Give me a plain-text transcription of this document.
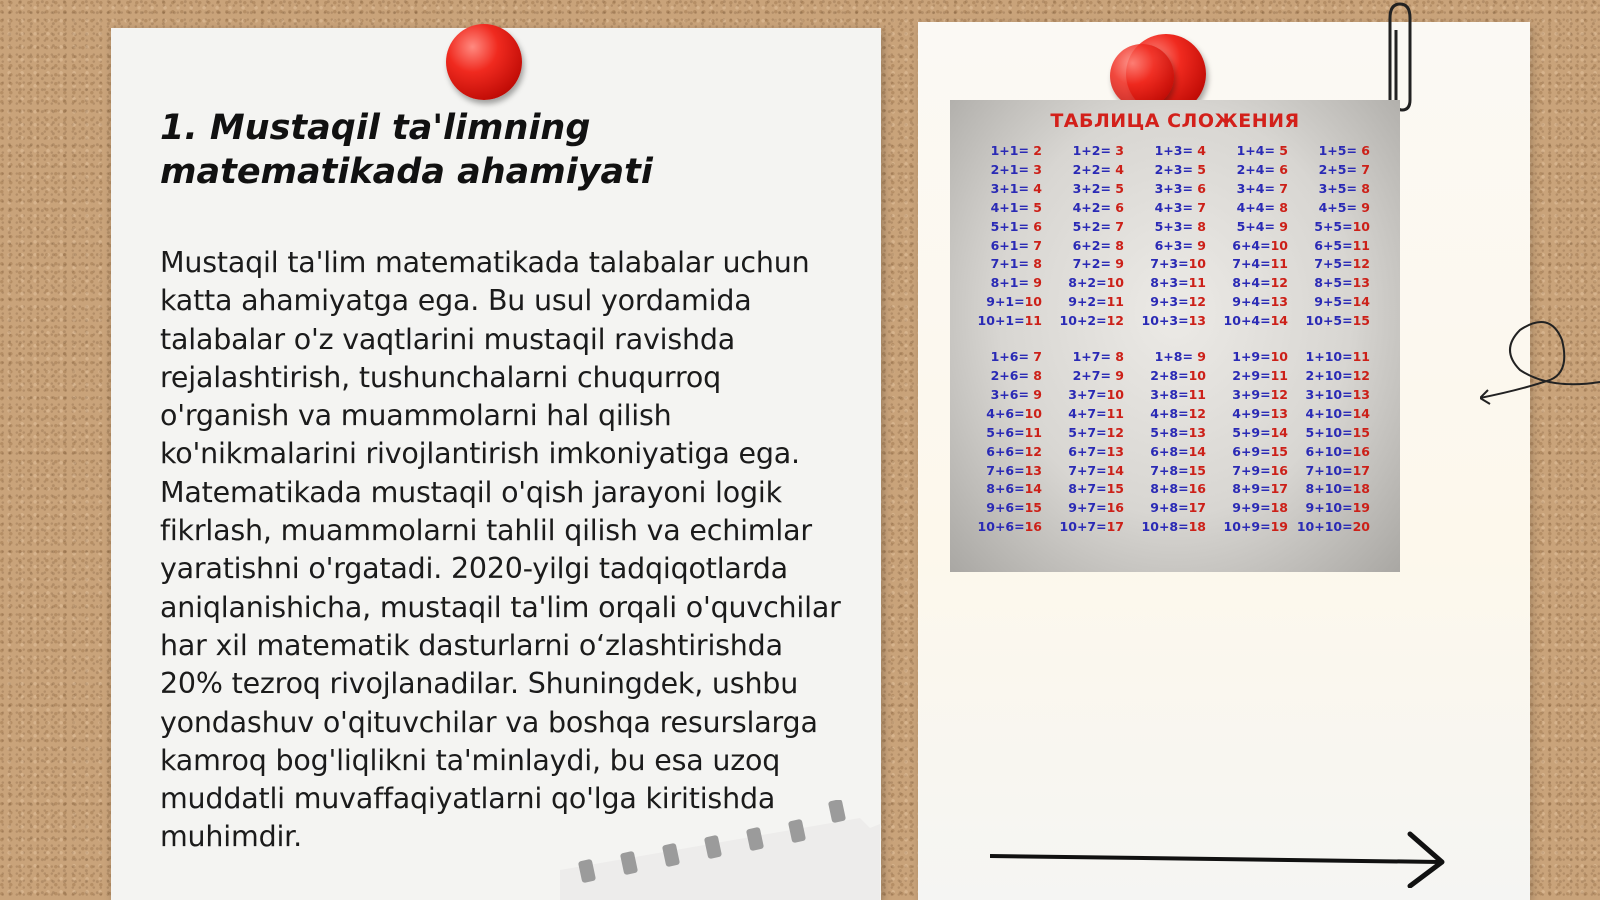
1. Mustaqil ta'limning matematikada ahamiyati

Mustaqil ta'lim matematikada talabalar uchun katta ahamiyatga ega. Bu usul yordamida talabalar o'z vaqtlarini mustaqil ravishda rejalashtirish, tushunchalarni chuqurroq o'rganish va muammolarni hal qilish ko'nikmalarini rivojlantirish imkoniyatiga ega. Matematikada mustaqil o'qish jarayoni logik fikrlash, muammolarni tahlil qilish va echimlar yaratishni o'rgatadi. 2020-yilgi tadqiqotlarda aniqlanishicha, mustaqil ta'lim orqali o'quvchilar har xil matematik dasturlarni o‘zlashtirishda 20% tezroq rivojlanadilar. Shuningdek, ushbu yondashuv o'qituvchilar va boshqa resurslarga kamroq bog'liqlikni ta'minlaydi, bu esa uzoq muddatli muvaffaqiyatlarni qo'lga kiritishda muhimdir.

ТАБЛИЦА СЛОЖЕНИЯ
1+1= 2
2+1= 3
3+1= 4
4+1= 5
5+1= 6
6+1= 7
7+1= 8
8+1= 9
9+1=10
10+1=11
1+2= 3
2+2= 4
3+2= 5
4+2= 6
5+2= 7
6+2= 8
7+2= 9
8+2=10
9+2=11
10+2=12
1+3= 4
2+3= 5
3+3= 6
4+3= 7
5+3= 8
6+3= 9
7+3=10
8+3=11
9+3=12
10+3=13
1+4= 5
2+4= 6
3+4= 7
4+4= 8
5+4= 9
6+4=10
7+4=11
8+4=12
9+4=13
10+4=14
1+5= 6
2+5= 7
3+5= 8
4+5= 9
5+5=10
6+5=11
7+5=12
8+5=13
9+5=14
10+5=15
1+6= 7
2+6= 8
3+6= 9
4+6=10
5+6=11
6+6=12
7+6=13
8+6=14
9+6=15
10+6=16
1+7= 8
2+7= 9
3+7=10
4+7=11
5+7=12
6+7=13
7+7=14
8+7=15
9+7=16
10+7=17
1+8= 9
2+8=10
3+8=11
4+8=12
5+8=13
6+8=14
7+8=15
8+8=16
9+8=17
10+8=18
1+9=10
2+9=11
3+9=12
4+9=13
5+9=14
6+9=15
7+9=16
8+9=17
9+9=18
10+9=19
1+10=11
2+10=12
3+10=13
4+10=14
5+10=15
6+10=16
7+10=17
8+10=18
9+10=19
10+10=20
